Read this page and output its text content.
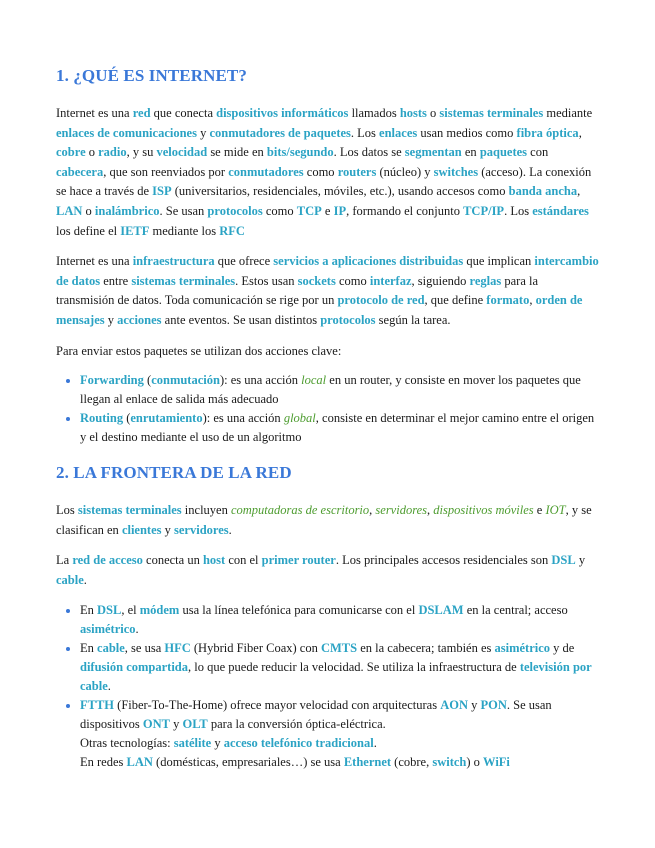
1. ¿QUÉ ES INTERNET?

Internet es una red que conecta dispositivos informáticos llamados hosts o sistemas terminales mediante enlaces de comunicaciones y conmutadores de paquetes. Los enlaces usan medios como fibra óptica, cobre o radio, y su velocidad se mide en bits/segundo. Los datos se segmentan en paquetes con cabecera, que son reenviados por conmutadores como routers (núcleo) y switches (acceso). La conexión se hace a través de ISP (universitarios, residenciales, móviles, etc.), usando accesos como banda ancha, LAN o inalámbrico. Se usan protocolos como TCP e IP, formando el conjunto TCP/IP. Los estándares los define el IETF mediante los RFC

Internet es una infraestructura que ofrece servicios a aplicaciones distribuidas que implican intercambio de datos entre sistemas terminales. Estos usan sockets como interfaz, siguiendo reglas para la transmisión de datos. Toda comunicación se rige por un protocolo de red, que define formato, orden de mensajes y acciones ante eventos. Se usan distintos protocolos según la tarea.

Para enviar estos paquetes se utilizan dos acciones clave:

• Forwarding (conmutación): es una acción local en un router, y consiste en mover los paquetes que llegan al enlace de salida más adecuado
• Routing (enrutamiento): es una acción global, consiste en determinar el mejor camino entre el origen y el destino mediante el uso de un algoritmo
2. LA FRONTERA DE LA RED

Los sistemas terminales incluyen computadoras de escritorio, servidores, dispositivos móviles e IOT, y se clasifican en clientes y servidores.

La red de acceso conecta un host con el primer router. Los principales accesos residenciales son DSL y cable.

• En DSL, el módem usa la línea telefónica para comunicarse con el DSLAM en la central; acceso asimétrico.
• En cable, se usa HFC (Hybrid Fiber Coax) con CMTS en la cabecera; también es asimétrico y de difusión compartida, lo que puede reducir la velocidad. Se utiliza la infraestructura de televisión por cable.
• FTTH (Fiber-To-The-Home) ofrece mayor velocidad con arquitecturas AON y PON. Se usan dispositivos ONT y OLT para la conversión óptica-eléctrica.
Otras tecnologías: satélite y acceso telefónico tradicional.
En redes LAN (domésticas, empresariales…) se usa Ethernet (cobre, switch) o WiFi
